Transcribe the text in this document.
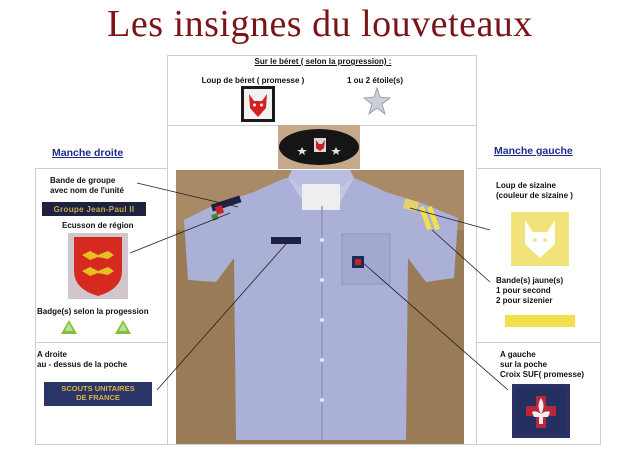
Les insignes du louveteaux
Sur le béret ( selon la progression) :
Loup de béret ( promesse )	1 ou 2 étoile(s)
Manche droite
Bande de groupe
avec nom de l'unité
Groupe Jean-Paul II
Ecusson de région
Badge(s) selon la progession
A droite
au - dessus de la poche
SCOUTS UNITAIRES
DE FRANCE
Manche gauche
Loup de sizaine
(couleur de sizaine )
Bande(s) jaune(s)
1 pour second
2 pour sizenier
A gauche
sur la poche
Croix SUF( promesse)
